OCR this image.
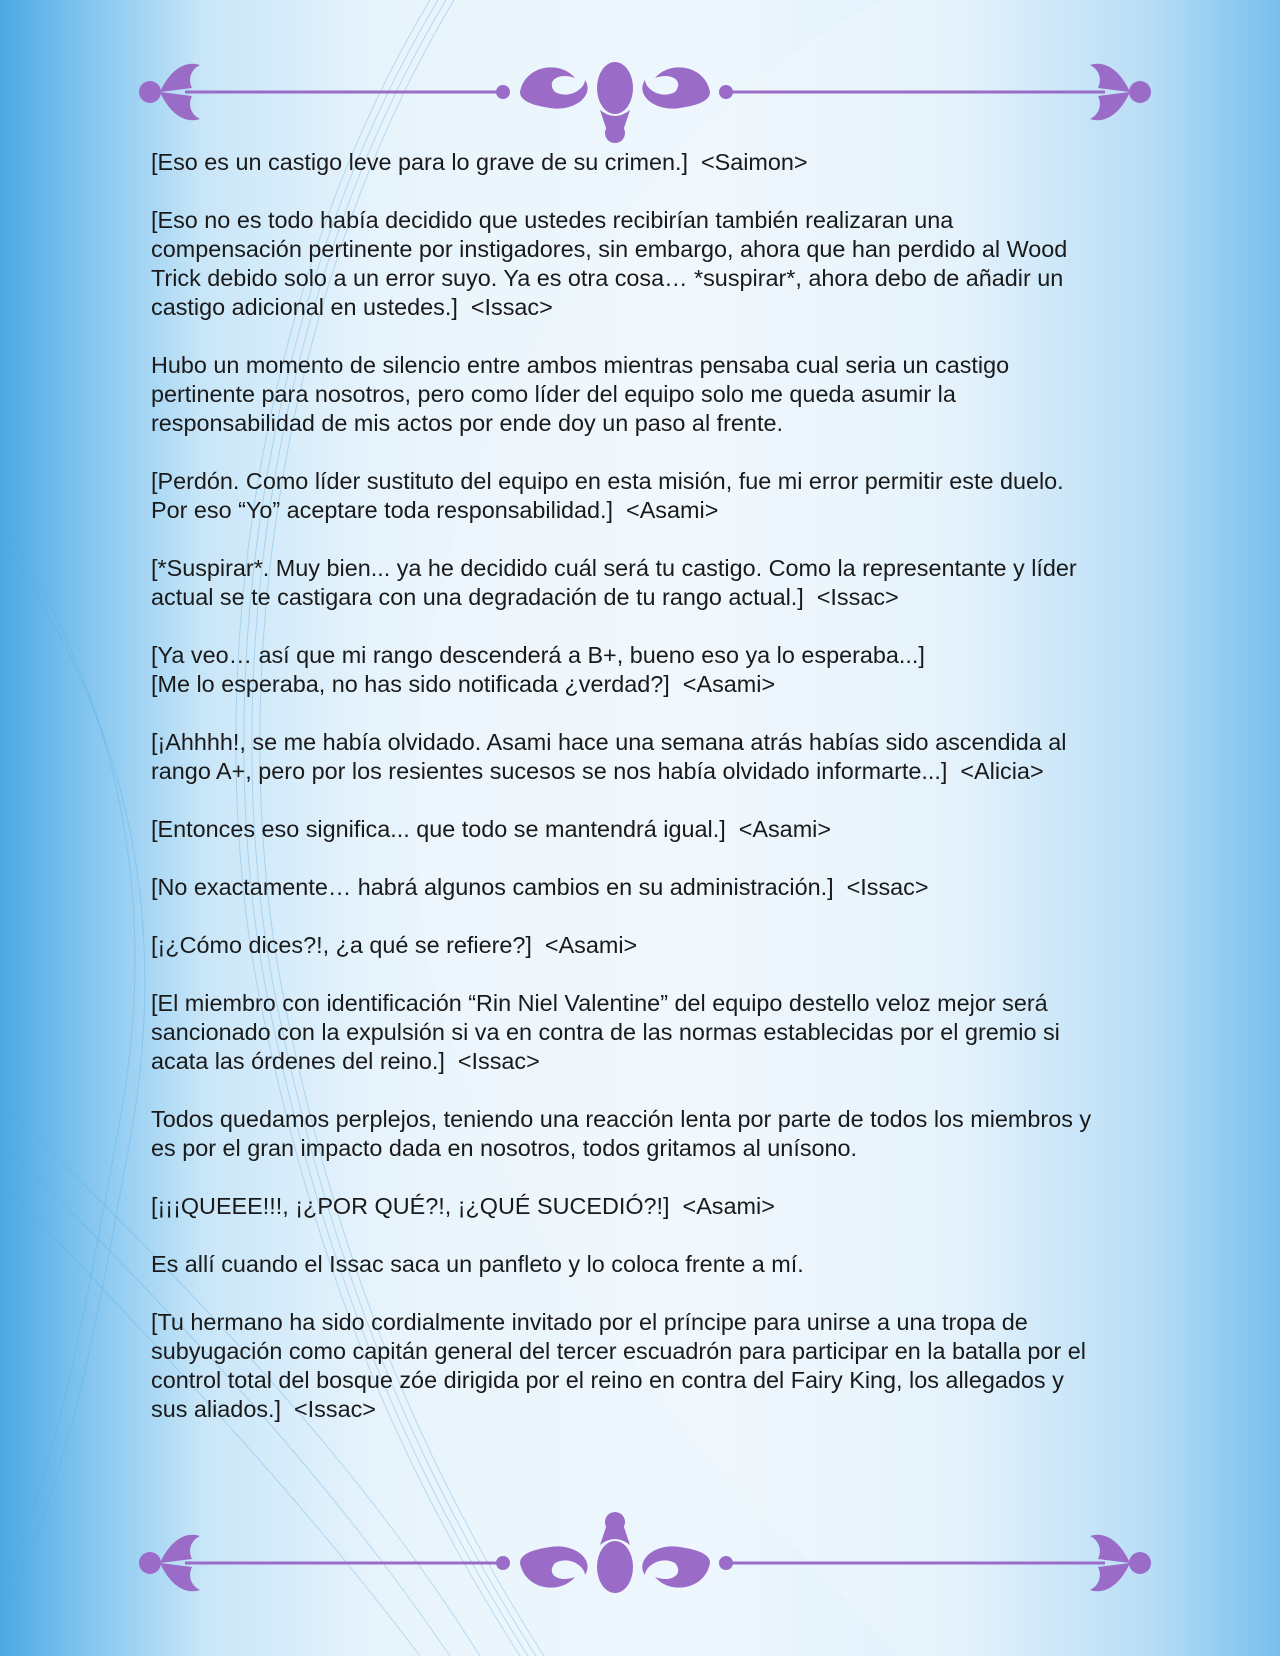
[Eso es un castigo leve para lo grave de su crimen.]  <Saimon>

[Eso no es todo había decidido que ustedes recibirían también realizaran una compensación pertinente por instigadores, sin embargo, ahora que han perdido al Wood Trick debido solo a un error suyo. Ya es otra cosa… *suspirar*, ahora debo de añadir un castigo adicional en ustedes.]  <Issac>

Hubo un momento de silencio entre ambos mientras pensaba cual seria un castigo pertinente para nosotros, pero como líder del equipo solo me queda asumir la responsabilidad de mis actos por ende doy un paso al frente.

[Perdón. Como líder sustituto del equipo en esta misión, fue mi error permitir este duelo. Por eso “Yo” aceptare toda responsabilidad.]  <Asami>

[*Suspirar*. Muy bien... ya he decidido cuál será tu castigo. Como la representante y líder actual se te castigara con una degradación de tu rango actual.]  <Issac>

[Ya veo… así que mi rango descenderá a B+, bueno eso ya lo esperaba...]
[Me lo esperaba, no has sido notificada ¿verdad?]  <Asami>

[¡Ahhhh!, se me había olvidado. Asami hace una semana atrás habías sido ascendida al rango A+, pero por los resientes sucesos se nos había olvidado informarte...]  <Alicia>

[Entonces eso significa... que todo se mantendrá igual.]  <Asami>

[No exactamente… habrá algunos cambios en su administración.]  <Issac>

[¡¿Cómo dices?!, ¿a qué se refiere?]  <Asami>

[El miembro con identificación “Rin Niel Valentine” del equipo destello veloz mejor será sancionado con la expulsión si va en contra de las normas establecidas por el gremio si acata las órdenes del reino.]  <Issac>

Todos quedamos perplejos, teniendo una reacción lenta por parte de todos los miembros y es por el gran impacto dada en nosotros, todos gritamos al unísono.

[¡¡¡QUEEE!!!, ¡¿POR QUÉ?!, ¡¿QUÉ SUCEDIÓ?!]  <Asami>

Es allí cuando el Issac saca un panfleto y lo coloca frente a mí.

[Tu hermano ha sido cordialmente invitado por el príncipe para unirse a una tropa de subyugación como capitán general del tercer escuadrón para participar en la batalla por el control total del bosque zóe dirigida por el reino en contra del Fairy King, los allegados y sus aliados.]  <Issac>
